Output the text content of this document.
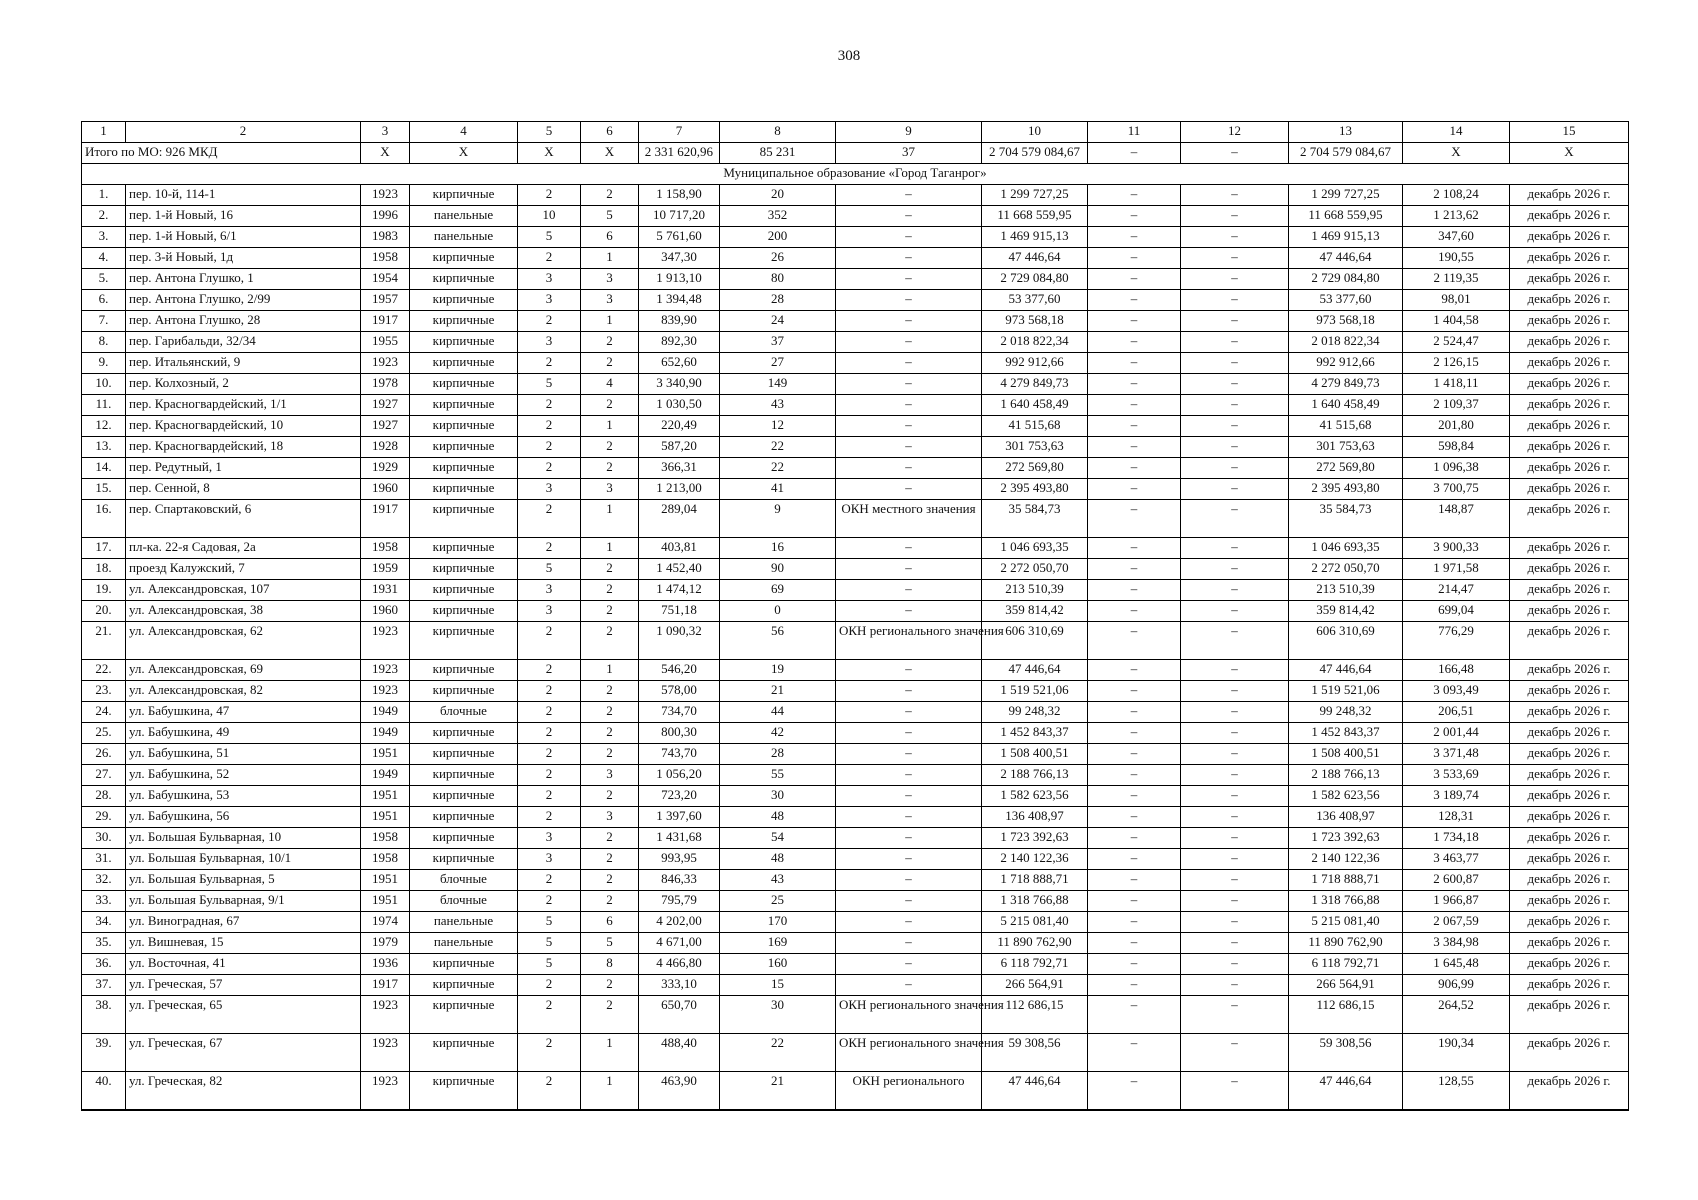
308
1	2	3	4	5	6	7	8	9	10	11	12	13	14	15
Итого по МО: 926 МКД		Х	Х	Х	Х	2 331 620,96	85 231	37	2 704 579 084,67	–	–	2 704 579 084,67	Х	Х
Муниципальное образование «Город Таганрог»														
1.	пер. 10-й, 114-1	1923	кирпичные	2	2	1 158,90	20	–	1 299 727,25	–	–	1 299 727,25	2 108,24	декабрь 2026 г.
2.	пер. 1-й Новый, 16	1996	панельные	10	5	10 717,20	352	–	11 668 559,95	–	–	11 668 559,95	1 213,62	декабрь 2026 г.
3.	пер. 1-й Новый, 6/1	1983	панельные	5	6	5 761,60	200	–	1 469 915,13	–	–	1 469 915,13	347,60	декабрь 2026 г.
4.	пер. 3-й Новый, 1д	1958	кирпичные	2	1	347,30	26	–	47 446,64	–	–	47 446,64	190,55	декабрь 2026 г.
5.	пер. Антона Глушко, 1	1954	кирпичные	3	3	1 913,10	80	–	2 729 084,80	–	–	2 729 084,80	2 119,35	декабрь 2026 г.
6.	пер. Антона Глушко, 2/99	1957	кирпичные	3	3	1 394,48	28	–	53 377,60	–	–	53 377,60	98,01	декабрь 2026 г.
7.	пер. Антона Глушко, 28	1917	кирпичные	2	1	839,90	24	–	973 568,18	–	–	973 568,18	1 404,58	декабрь 2026 г.
8.	пер. Гарибальди, 32/34	1955	кирпичные	3	2	892,30	37	–	2 018 822,34	–	–	2 018 822,34	2 524,47	декабрь 2026 г.
9.	пер. Итальянский, 9	1923	кирпичные	2	2	652,60	27	–	992 912,66	–	–	992 912,66	2 126,15	декабрь 2026 г.
10.	пер. Колхозный, 2	1978	кирпичные	5	4	3 340,90	149	–	4 279 849,73	–	–	4 279 849,73	1 418,11	декабрь 2026 г.
11.	пер. Красногвардейский, 1/1	1927	кирпичные	2	2	1 030,50	43	–	1 640 458,49	–	–	1 640 458,49	2 109,37	декабрь 2026 г.
12.	пер. Красногвардейский, 10	1927	кирпичные	2	1	220,49	12	–	41 515,68	–	–	41 515,68	201,80	декабрь 2026 г.
13.	пер. Красногвардейский, 18	1928	кирпичные	2	2	587,20	22	–	301 753,63	–	–	301 753,63	598,84	декабрь 2026 г.
14.	пер. Редутный, 1	1929	кирпичные	2	2	366,31	22	–	272 569,80	–	–	272 569,80	1 096,38	декабрь 2026 г.
15.	пер. Сенной, 8	1960	кирпичные	3	3	1 213,00	41	–	2 395 493,80	–	–	2 395 493,80	3 700,75	декабрь 2026 г.
16.	пер. Спартаковский, 6	1917	кирпичные	2	1	289,04	9	ОКН местного значения	35 584,73	–	–	35 584,73	148,87	декабрь 2026 г.
17.	пл-ка. 22-я Садовая, 2а	1958	кирпичные	2	1	403,81	16	–	1 046 693,35	–	–	1 046 693,35	3 900,33	декабрь 2026 г.
18.	проезд Калужский, 7	1959	кирпичные	5	2	1 452,40	90	–	2 272 050,70	–	–	2 272 050,70	1 971,58	декабрь 2026 г.
19.	ул. Александровская, 107	1931	кирпичные	3	2	1 474,12	69	–	213 510,39	–	–	213 510,39	214,47	декабрь 2026 г.
20.	ул. Александровская, 38	1960	кирпичные	3	2	751,18	0	–	359 814,42	–	–	359 814,42	699,04	декабрь 2026 г.
21.	ул. Александровская, 62	1923	кирпичные	2	2	1 090,32	56	ОКН регионального значения	606 310,69	–	–	606 310,69	776,29	декабрь 2026 г.
22.	ул. Александровская, 69	1923	кирпичные	2	1	546,20	19	–	47 446,64	–	–	47 446,64	166,48	декабрь 2026 г.
23.	ул. Александровская, 82	1923	кирпичные	2	2	578,00	21	–	1 519 521,06	–	–	1 519 521,06	3 093,49	декабрь 2026 г.
24.	ул. Бабушкина, 47	1949	блочные	2	2	734,70	44	–	99 248,32	–	–	99 248,32	206,51	декабрь 2026 г.
25.	ул. Бабушкина, 49	1949	кирпичные	2	2	800,30	42	–	1 452 843,37	–	–	1 452 843,37	2 001,44	декабрь 2026 г.
26.	ул. Бабушкина, 51	1951	кирпичные	2	2	743,70	28	–	1 508 400,51	–	–	1 508 400,51	3 371,48	декабрь 2026 г.
27.	ул. Бабушкина, 52	1949	кирпичные	2	3	1 056,20	55	–	2 188 766,13	–	–	2 188 766,13	3 533,69	декабрь 2026 г.
28.	ул. Бабушкина, 53	1951	кирпичные	2	2	723,20	30	–	1 582 623,56	–	–	1 582 623,56	3 189,74	декабрь 2026 г.
29.	ул. Бабушкина, 56	1951	кирпичные	2	3	1 397,60	48	–	136 408,97	–	–	136 408,97	128,31	декабрь 2026 г.
30.	ул. Большая Бульварная, 10	1958	кирпичные	3	2	1 431,68	54	–	1 723 392,63	–	–	1 723 392,63	1 734,18	декабрь 2026 г.
31.	ул. Большая Бульварная, 10/1	1958	кирпичные	3	2	993,95	48	–	2 140 122,36	–	–	2 140 122,36	3 463,77	декабрь 2026 г.
32.	ул. Большая Бульварная, 5	1951	блочные	2	2	846,33	43	–	1 718 888,71	–	–	1 718 888,71	2 600,87	декабрь 2026 г.
33.	ул. Большая Бульварная, 9/1	1951	блочные	2	2	795,79	25	–	1 318 766,88	–	–	1 318 766,88	1 966,87	декабрь 2026 г.
34.	ул. Виноградная, 67	1974	панельные	5	6	4 202,00	170	–	5 215 081,40	–	–	5 215 081,40	2 067,59	декабрь 2026 г.
35.	ул. Вишневая, 15	1979	панельные	5	5	4 671,00	169	–	11 890 762,90	–	–	11 890 762,90	3 384,98	декабрь 2026 г.
36.	ул. Восточная, 41	1936	кирпичные	5	8	4 466,80	160	–	6 118 792,71	–	–	6 118 792,71	1 645,48	декабрь 2026 г.
37.	ул. Греческая, 57	1917	кирпичные	2	2	333,10	15	–	266 564,91	–	–	266 564,91	906,99	декабрь 2026 г.
38.	ул. Греческая, 65	1923	кирпичные	2	2	650,70	30	ОКН регионального значения	112 686,15	–	–	112 686,15	264,52	декабрь 2026 г.
39.	ул. Греческая, 67	1923	кирпичные	2	1	488,40	22	ОКН регионального значения	59 308,56	–	–	59 308,56	190,34	декабрь 2026 г.
40.	ул. Греческая, 82	1923	кирпичные	2	1	463,90	21	ОКН регионального	47 446,64	–	–	47 446,64	128,55	декабрь 2026 г.
